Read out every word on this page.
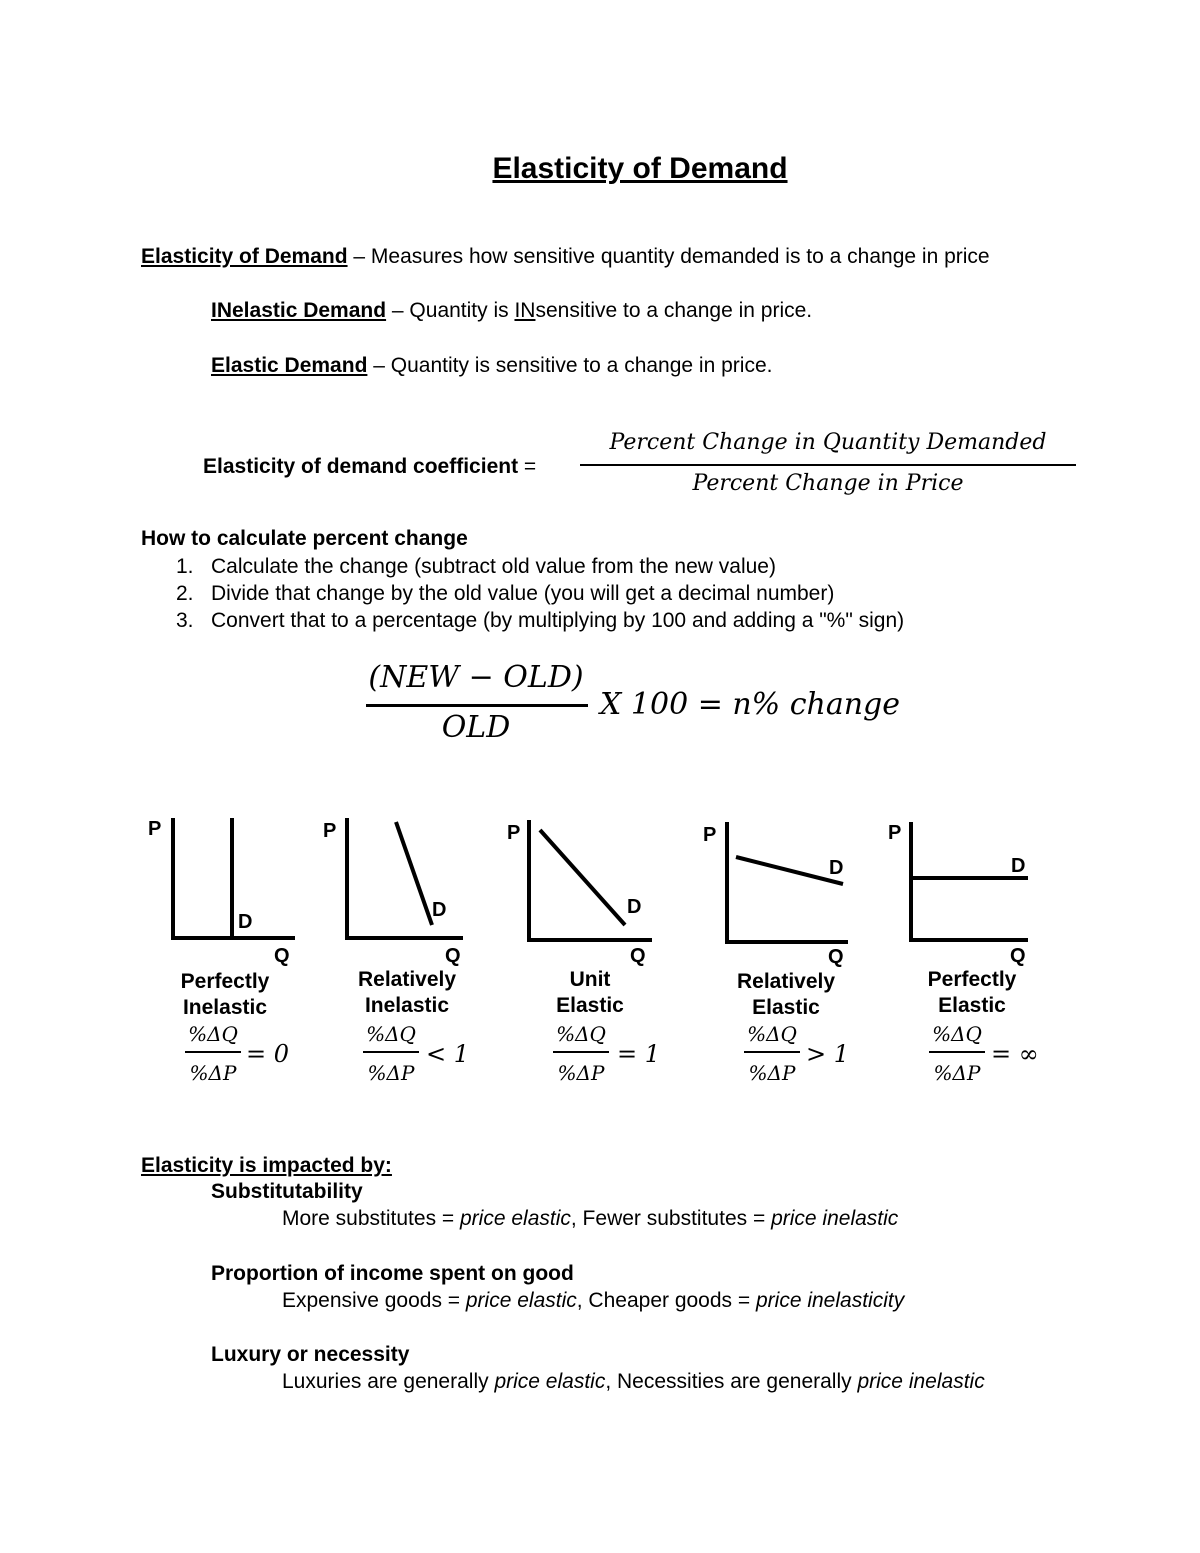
Elasticity of Demand
Elasticity of Demand – Measures how sensitive quantity demanded is to a change in price
INelastic Demand – Quantity is INsensitive to a change in price.
Elastic Demand – Quantity is sensitive to a change in price.
Elasticity of demand coefficient =
Percent Change in Quantity Demanded
Percent Change in Price
How to calculate percent change
1. Calculate the change (subtract old value from the new value)
2. Divide that change by the old value (you will get a decimal number)
3. Convert that to a percentage (by multiplying by 100 and adding a "%" sign)
(NEW − OLD)
OLD
X 100 = n% change
P
D
Q
P
D
Q
P
D
Q
P
D
Q
P
D
Q
Perfectly
Inelastic
Relatively
Inelastic
Unit
Elastic
Relatively
Elastic
Perfectly
Elastic
%ΔQ
%ΔP
= 0
%ΔQ
%ΔP
< 1
%ΔQ
%ΔP
= 1
%ΔQ
%ΔP
> 1
%ΔQ
%ΔP
= ∞
Elasticity is impacted by:
Substitutability
More substitutes = price elastic, Fewer substitutes = price inelastic
Proportion of income spent on good
Expensive goods = price elastic, Cheaper goods = price inelasticity
Luxury or necessity
Luxuries are generally price elastic, Necessities are generally price inelastic
